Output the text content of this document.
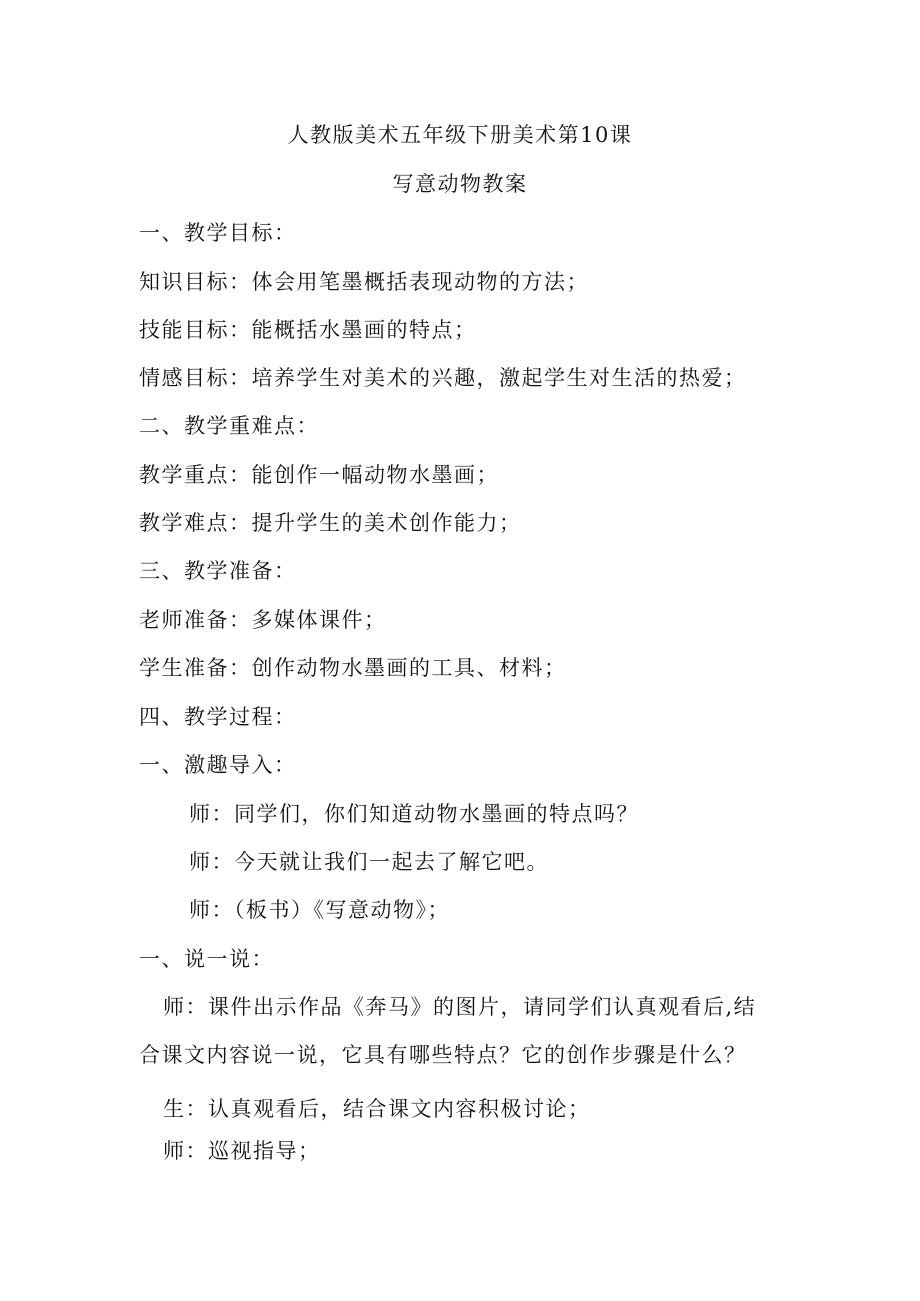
人教版美术五年级下册美术第10课
写意动物教案
一、教学目标：
知识目标：体会用笔墨概括表现动物的方法；
技能目标：能概括水墨画的特点；
情感目标：培养学生对美术的兴趣，激起学生对生活的热爱；
二、教学重难点：
教学重点：能创作一幅动物水墨画；
教学难点：提升学生的美术创作能力；
三、教学准备：
老师准备：多媒体课件；
学生准备：创作动物水墨画的工具、材料；
四、教学过程：
一、激趣导入：
师：同学们，你们知道动物水墨画的特点吗？
师：今天就让我们一起去了解它吧。
师：（板书）《写意动物》；
一、说一说：
师：课件出示作品《奔马》的图片，请同学们认真观看后,结
合课文内容说一说，它具有哪些特点？它的创作步骤是什么？
生：认真观看后，结合课文内容积极讨论；
师：巡视指导；
